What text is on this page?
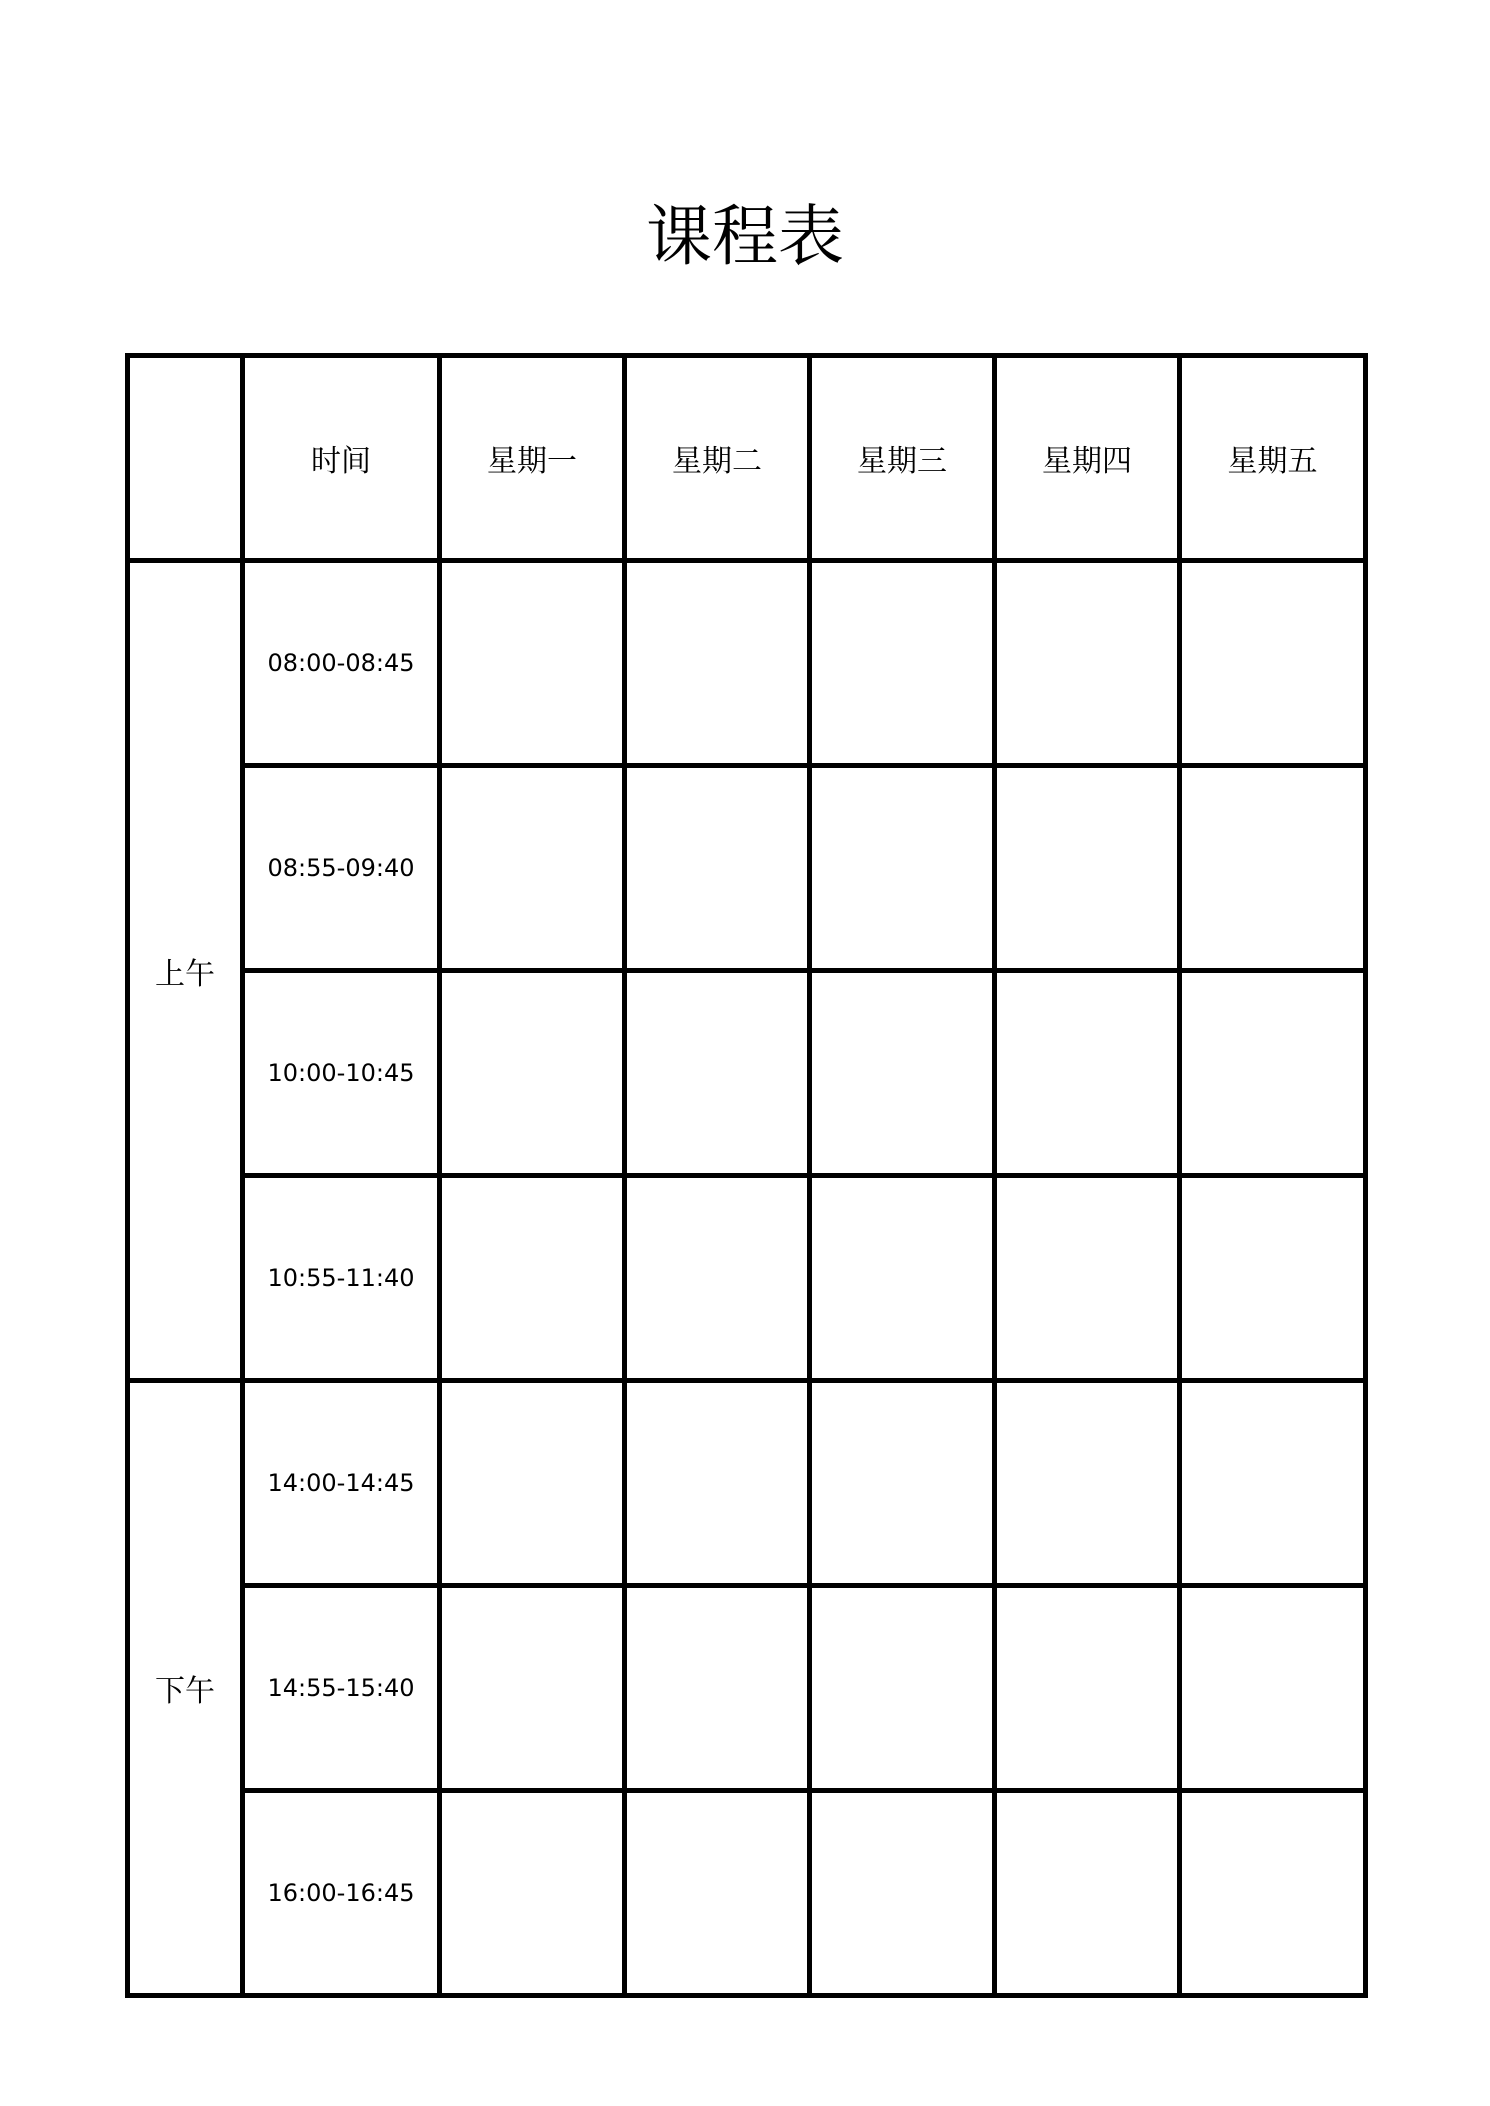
课程表
	时间	星期一	星期二	星期三	星期四	星期五
上午	08:00-08:45					
	08:55-09:40					
	10:00-10:45					
	10:55-11:40					
下午	14:00-14:45					
	14:55-15:40					
	16:00-16:45					
